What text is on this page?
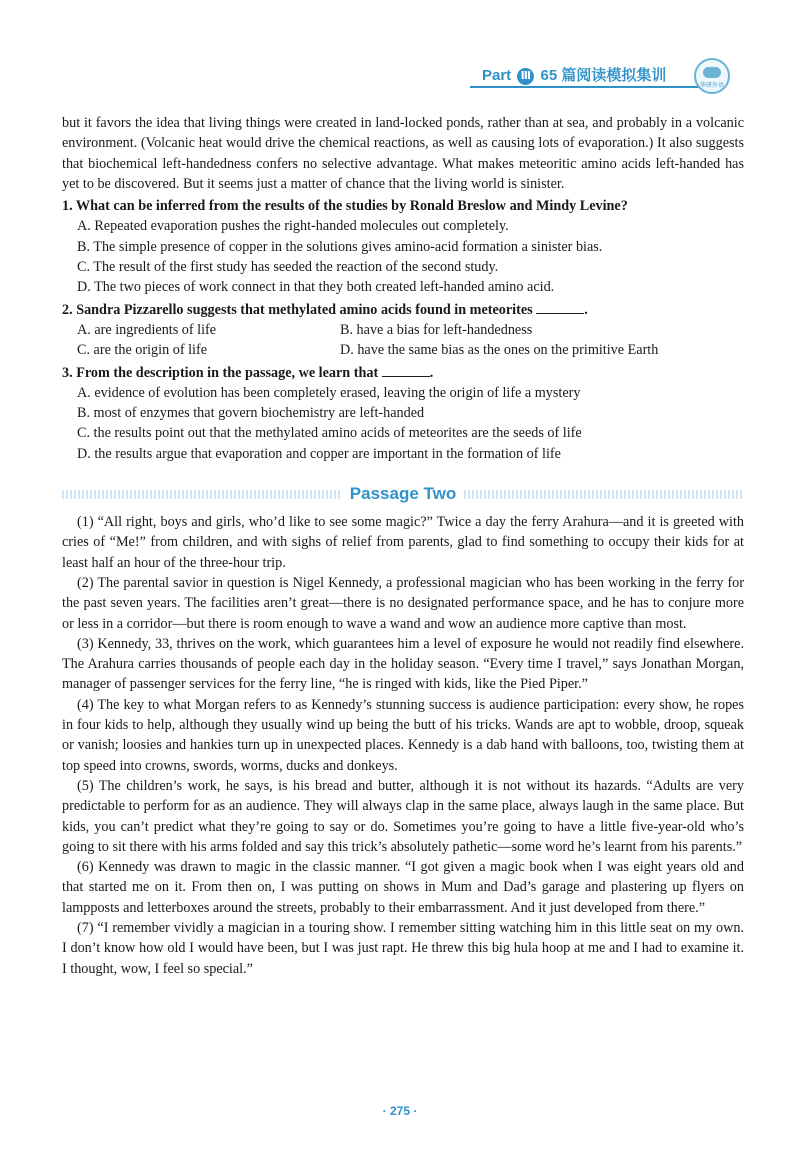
Part Ⅲ 65 篇阅读模拟集训
华研外语

but it favors the idea that living things were created in land-locked ponds, rather than at sea, and probably in a volcanic environment. (Volcanic heat would drive the chemical reactions, as well as causing lots of evaporation.) It also suggests that biochemical left-handedness confers no selective advantage. What makes meteoritic amino acids left-handed has yet to be discovered. But it seems just a matter of chance that the living world is sinister.

1. What can be inferred from the results of the studies by Ronald Breslow and Mindy Levine?

A. Repeated evaporation pushes the right-handed molecules out completely.

B. The simple presence of copper in the solutions gives amino-acid formation a sinister bias.

C. The result of the first study has seeded the reaction of the second study.

D. The two pieces of work connect in that they both created left-handed amino acid.

2. Sandra Pizzarello suggests that methylated amino acids found in meteorites	.

A. are ingredients of life	B. have a bias for left-handedness
C. are the origin of life	D. have the same bias as the ones on the primitive Earth

3. From the description in the passage, we learn that	.

A. evidence of evolution has been completely erased, leaving the origin of life a mystery

B. most of enzymes that govern biochemistry are left-handed

C. the results point out that the methylated amino acids of meteorites are the seeds of life

D. the results argue that evaporation and copper are important in the formation of life

Passage Two

(1) “All right, boys and girls, who’d like to see some magic?” Twice a day the ferry Arahura—and it is greeted with cries of “Me!” from children, and with sighs of relief from parents, glad to find something to occupy their kids for at least half an hour of the three-hour trip.

(2) The parental savior in question is Nigel Kennedy, a professional magician who has been working in the ferry for the past seven years. The facilities aren’t great—there is no designated performance space, and he has to conjure more or less in a corridor—but there is room enough to wave a wand and wow an audience more captive than most.

(3) Kennedy, 33, thrives on the work, which guarantees him a level of exposure he would not readily find elsewhere. The Arahura carries thousands of people each day in the holiday season. “Every time I travel,” says Jonathan Morgan, manager of passenger services for the ferry line, “he is ringed with kids, like the Pied Piper.”

(4) The key to what Morgan refers to as Kennedy’s stunning success is audience participation: every show, he ropes in four kids to help, although they usually wind up being the butt of his tricks. Wands are apt to wobble, droop, squeak or vanish; loosies and hankies turn up in unexpected places. Kennedy is a dab hand with balloons, too, twisting them at top speed into crowns, swords, worms, ducks and donkeys.

(5) The children’s work, he says, is his bread and butter, although it is not without its hazards. “Adults are very predictable to perform for as an audience. They will always clap in the same place, always laugh in the same place. But kids, you can’t predict what they’re going to say or do. Sometimes you’re going to have a little five-year-old who’s going to sit there with his arms folded and say this trick’s absolutely pathetic—some word he’s learnt from his parents.”

(6) Kennedy was drawn to magic in the classic manner. “I got given a magic book when I was eight years old and that started me on it. From then on, I was putting on shows in Mum and Dad’s garage and plastering up flyers on lampposts and letterboxes around the streets, probably to their embarrassment. And it just developed from there.”

(7) “I remember vividly a magician in a touring show. I remember sitting watching him in this little seat on my own. I don’t know how old I would have been, but I was just rapt. He threw this big hula hoop at me and I had to examine it. I thought, wow, I feel so special.”

· 275 ·
